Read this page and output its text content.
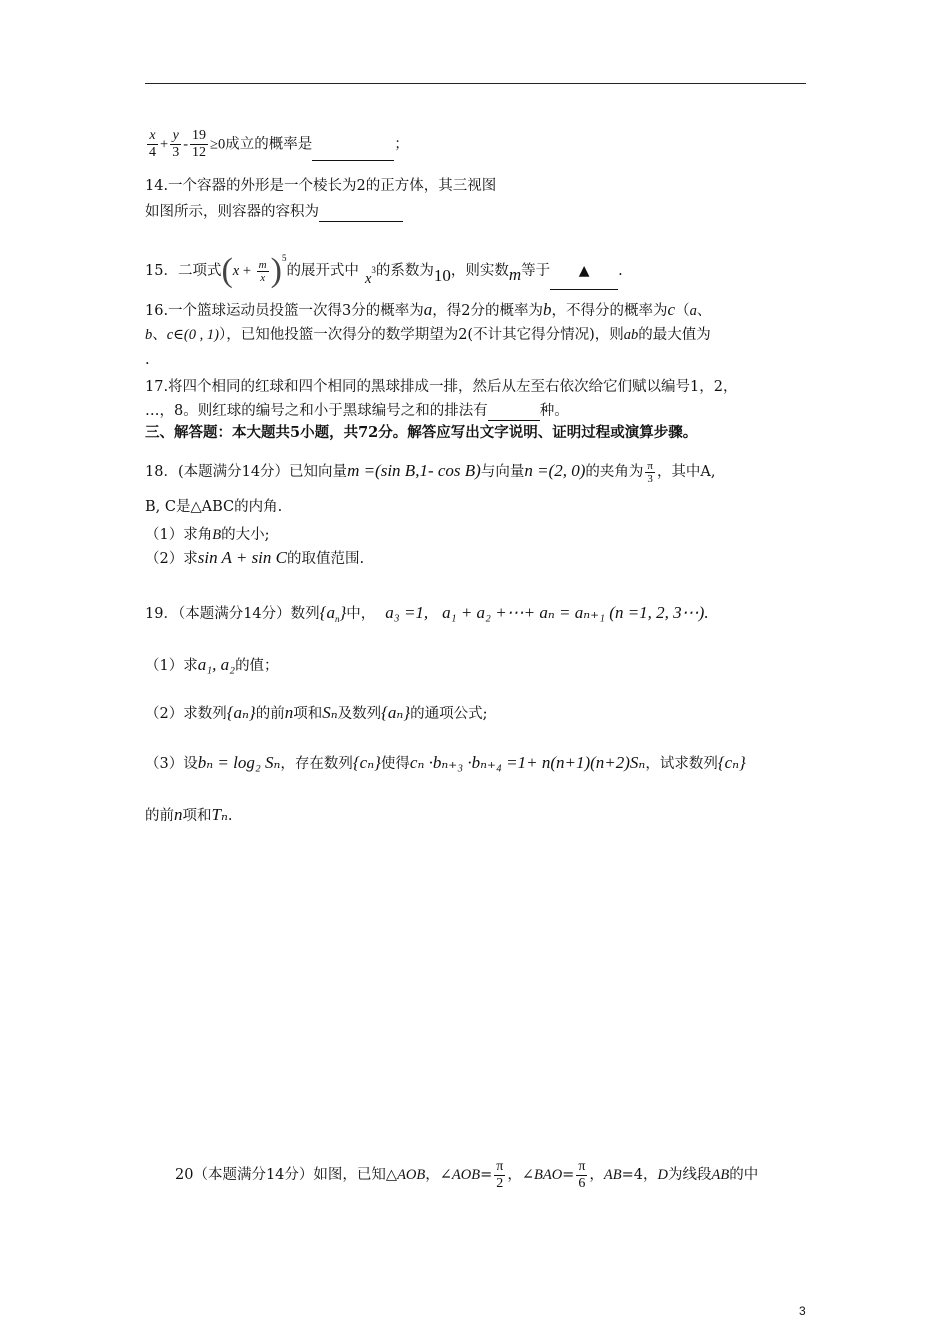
$\frac{x}{4} + \frac{y}{3} - \frac{19}{12} \ge 0$成立的概率是	；
14.一个容器的外形是一个棱长为2的正方体，其三视图
如图所示，则容器的容积为
15．二项式$(x + \frac{m}{x} )^5$的展开式中 $x^3$的系数为10，则实数m等于 ▲ .
16.一个篮球运动员投篮一次得3分的概率为a，得2分的概率为b，不得分的概率为c（a、
b、c∈(0 , 1)），已知他投篮一次得分的数学期望为2(不计其它得分情况)，则ab的最大值为
.
17.将四个相同的红球和四个相同的黑球排成一排，然后从左至右依次给它们赋以编号1，2，
…，8。则红球的编号之和小于黑球编号之和的排法有	种。
三、解答题：本大题共5小题，共72分。解答应写出文字说明、证明过程或演算步骤。
18．(本题满分14分）已知向量m =(sin B,1- cos B)与向量n =(2, 0)的夹角为 $\frac{\pi}{3}$ ，其中A,
B, C是△ABC的内角.
（1）求角B的大小;
（2）求sin A + sin C的取值范围.
19．（本题满分14分）数列$\{a_n\}$中， a₃ =1, a₁ + a₂ +⋯+ aₙ = aₙ₊₁ (n =1, 2, 3⋯).
（1）求a₁, a₂的值；
（2）求数列{aₙ}的前n项和Sₙ及数列{aₙ}的通项公式;
（3）设bₙ = log₂ Sₙ，存在数列{cₙ}使得cₙ ·bₙ₊₃ ·bₙ₊₄ =1+ n(n+1)(n+2)Sₙ，试求数列{cₙ}
的前n项和Tₙ.
20（本题满分14分）如图，已知△AOB，∠AOB= $\frac{\pi}{2}$ ，∠BAO= $\frac{\pi}{6}$ ，AB=4，D为线段AB的中
3
